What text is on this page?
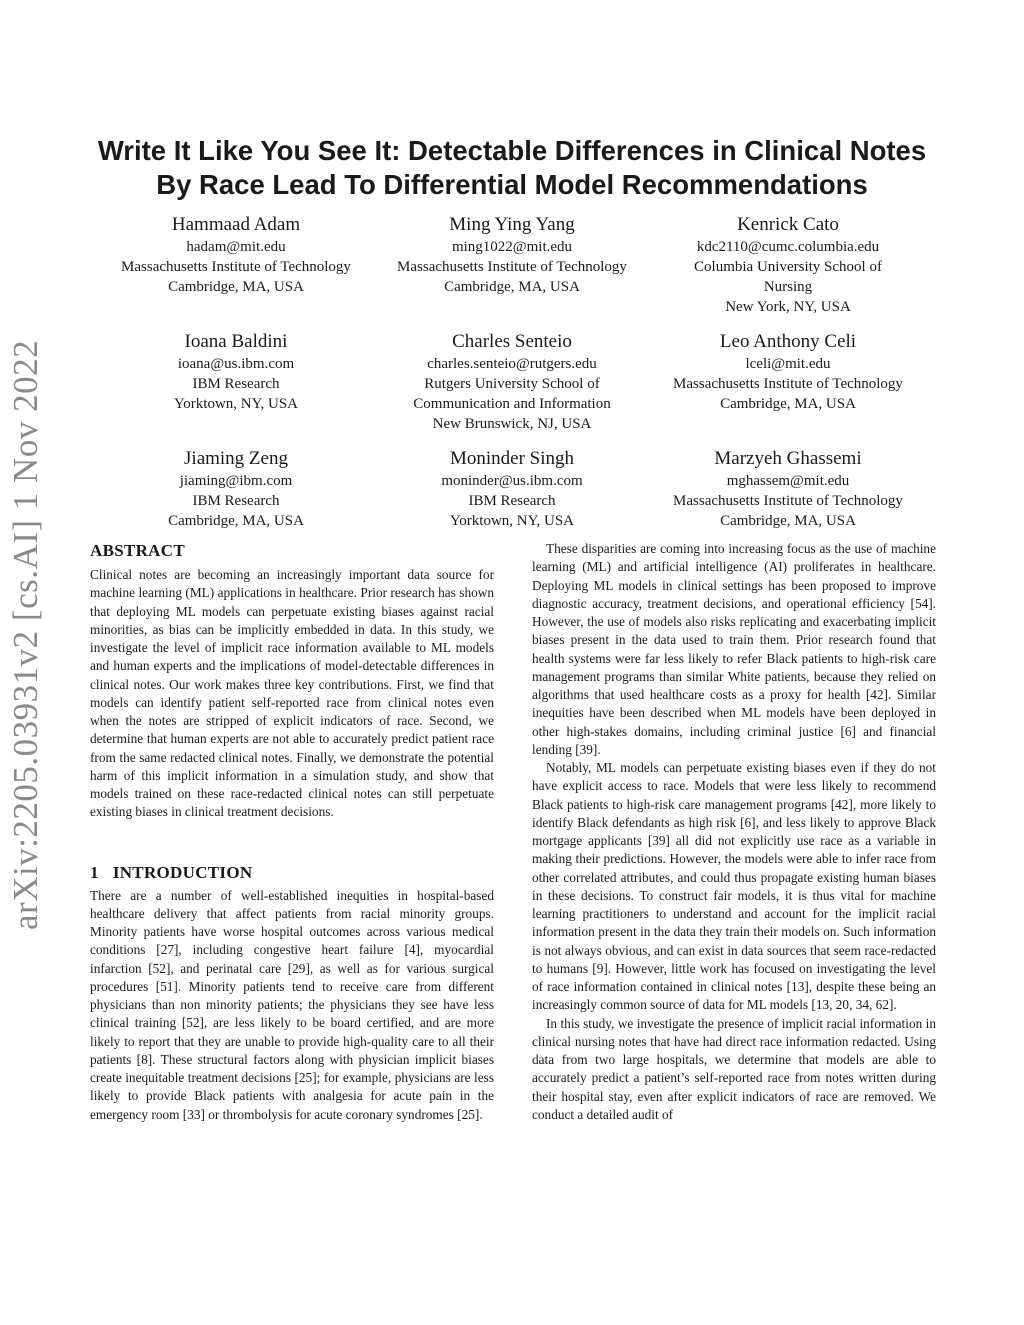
arXiv:2205.03931v2 [cs.AI] 1 Nov 2022
Write It Like You See It: Detectable Differences in Clinical Notes
By Race Lead To Differential Model Recommendations
Hammaad Adam
hadam@mit.edu
Massachusetts Institute of Technology
Cambridge, MA, USA
Ming Ying Yang
ming1022@mit.edu
Massachusetts Institute of Technology
Cambridge, MA, USA
Kenrick Cato
kdc2110@cumc.columbia.edu
Columbia University School of
Nursing
New York, NY, USA
Ioana Baldini
ioana@us.ibm.com
IBM Research
Yorktown, NY, USA
Charles Senteio
charles.senteio@rutgers.edu
Rutgers University School of
Communication and Information
New Brunswick, NJ, USA
Leo Anthony Celi
lceli@mit.edu
Massachusetts Institute of Technology
Cambridge, MA, USA
Jiaming Zeng
jiaming@ibm.com
IBM Research
Cambridge, MA, USA
Moninder Singh
moninder@us.ibm.com
IBM Research
Yorktown, NY, USA
Marzyeh Ghassemi
mghassem@mit.edu
Massachusetts Institute of Technology
Cambridge, MA, USA
ABSTRACT

Clinical notes are becoming an increasingly important data source for machine learning (ML) applications in healthcare. Prior research has shown that deploying ML models can perpetuate existing biases against racial minorities, as bias can be implicitly embedded in data. In this study, we investigate the level of implicit race information available to ML models and human experts and the implications of model-detectable differences in clinical notes. Our work makes three key contributions. First, we find that models can identify patient self-reported race from clinical notes even when the notes are stripped of explicit indicators of race. Second, we determine that human experts are not able to accurately predict patient race from the same redacted clinical notes. Finally, we demonstrate the potential harm of this implicit information in a simulation study, and show that models trained on these race-redacted clinical notes can still perpetuate existing biases in clinical treatment decisions.

1 INTRODUCTION

There are a number of well-established inequities in hospital-based healthcare delivery that affect patients from racial minority groups. Minority patients have worse hospital outcomes across various medical conditions [27], including congestive heart failure [4], myocardial infarction [52], and perinatal care [29], as well as for various surgical procedures [51]. Minority patients tend to receive care from different physicians than non minority patients; the physicians they see have less clinical training [52], are less likely to be board certified, and are more likely to report that they are unable to provide high-quality care to all their patients [8]. These structural factors along with physician implicit biases create inequitable treatment decisions [25]; for example, physicians are less likely to provide Black patients with analgesia for acute pain in the emergency room [33] or thrombolysis for acute coronary syndromes [25].

These disparities are coming into increasing focus as the use of machine learning (ML) and artificial intelligence (AI) proliferates in healthcare. Deploying ML models in clinical settings has been proposed to improve diagnostic accuracy, treatment decisions, and operational efficiency [54]. However, the use of models also risks replicating and exacerbating implicit biases present in the data used to train them. Prior research found that health systems were far less likely to refer Black patients to high-risk care management programs than similar White patients, because they relied on algorithms that used healthcare costs as a proxy for health [42]. Similar inequities have been described when ML models have been deployed in other high-stakes domains, including criminal justice [6] and financial lending [39].

Notably, ML models can perpetuate existing biases even if they do not have explicit access to race. Models that were less likely to recommend Black patients to high-risk care management programs [42], more likely to identify Black defendants as high risk [6], and less likely to approve Black mortgage applicants [39] all did not explicitly use race as a variable in making their predictions. However, the models were able to infer race from other correlated attributes, and could thus propagate existing human biases in these decisions. To construct fair models, it is thus vital for machine learning practitioners to understand and account for the implicit racial information present in the data they train their models on. Such information is not always obvious, and can exist in data sources that seem race-redacted to humans [9]. However, little work has focused on investigating the level of race information contained in clinical notes [13], despite these being an increasingly common source of data for ML models [13, 20, 34, 62].

In this study, we investigate the presence of implicit racial information in clinical nursing notes that have had direct race information redacted. Using data from two large hospitals, we determine that models are able to accurately predict a patient’s self-reported race from notes written during their hospital stay, even after explicit indicators of race are removed. We conduct a detailed audit of
